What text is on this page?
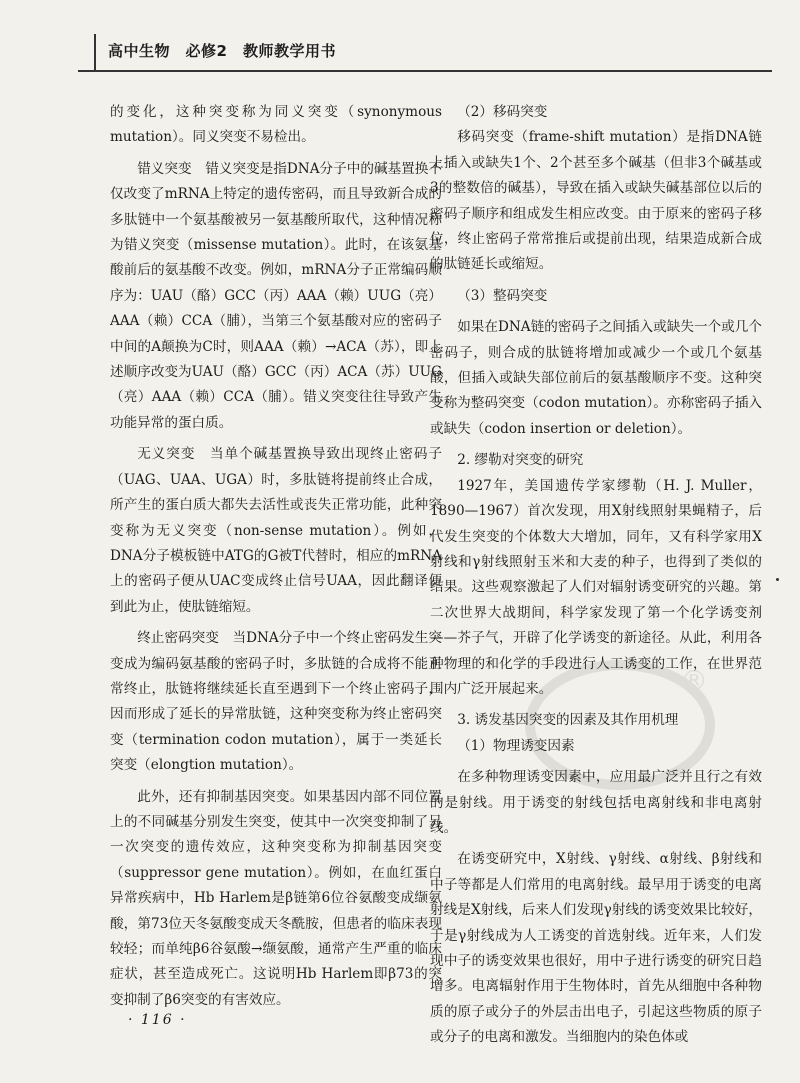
高中生物　必修2　教师教学用书

的变化，这种突变称为同义突变（synonymous mutation）。同义突变不易检出。

错义突变　错义突变是指DNA分子中的碱基置换不仅改变了mRNA上特定的遗传密码，而且导致新合成的多肽链中一个氨基酸被另一氨基酸所取代，这种情况称为错义突变（missense mutation）。此时，在该氨基酸前后的氨基酸不改变。例如，mRNA分子正常编码顺序为：UAU（酪）GCC（丙）AAA（赖）UUG（亮）AAA（赖）CCA（脯），当第三个氨基酸对应的密码子中间的A颠换为C时，则AAA（赖）→ACA（苏），即上述顺序改变为UAU（酪）GCC（丙）ACA（苏）UUG（亮）AAA（赖）CCA（脯）。错义突变往往导致产生功能异常的蛋白质。

无义突变　当单个碱基置换导致出现终止密码子（UAG、UAA、UGA）时，多肽链将提前终止合成，所产生的蛋白质大都失去活性或丧失正常功能，此种突变称为无义突变（non-sense mutation）。例如，DNA分子模板链中ATG的G被T代替时，相应的mRNA上的密码子便从UAC变成终止信号UAA，因此翻译便到此为止，使肽链缩短。

终止密码突变　当DNA分子中一个终止密码发生突变成为编码氨基酸的密码子时，多肽链的合成将不能正常终止，肽链将继续延长直至遇到下一个终止密码子，因而形成了延长的异常肽链，这种突变称为终止密码突变（termination codon mutation），属于一类延长突变（elongtion mutation）。

此外，还有抑制基因突变。如果基因内部不同位置上的不同碱基分别发生突变，使其中一次突变抑制了另一次突变的遗传效应，这种突变称为抑制基因突变（suppressor gene mutation）。例如，在血红蛋白异常疾病中，Hb Harlem是β链第6位谷氨酸变成缬氨酸，第73位天冬氨酸变成天冬酰胺，但患者的临床表现较轻；而单纯β6谷氨酸→缬氨酸，通常产生严重的临床症状，甚至造成死亡。这说明Hb Harlem即β73的突变抑制了β6突变的有害效应。

（2）移码突变

移码突变（frame-shift mutation）是指DNA链上插入或缺失1个、2个甚至多个碱基（但非3个碱基或3的整数倍的碱基），导致在插入或缺失碱基部位以后的密码子顺序和组成发生相应改变。由于原来的密码子移位，终止密码子常常推后或提前出现，结果造成新合成的肽链延长或缩短。

（3）整码突变

如果在DNA链的密码子之间插入或缺失一个或几个密码子，则合成的肽链将增加或减少一个或几个氨基酸，但插入或缺失部位前后的氨基酸顺序不变。这种突变称为整码突变（codon mutation）。亦称密码子插入或缺失（codon insertion or deletion）。

2. 缪勒对突变的研究

1927年，美国遗传学家缪勒（H. J. Muller，1890—1967）首次发现，用X射线照射果蝇精子，后代发生突变的个体数大大增加，同年，又有科学家用X射线和γ射线照射玉米和大麦的种子，也得到了类似的结果。这些观察激起了人们对辐射诱变研究的兴趣。第二次世界大战期间，科学家发现了第一个化学诱变剂——芥子气，开辟了化学诱变的新途径。从此，利用各种物理的和化学的手段进行人工诱变的工作，在世界范围内广泛开展起来。

3. 诱发基因突变的因素及其作用机理

（1）物理诱变因素

在多种物理诱变因素中，应用最广泛并且行之有效的是射线。用于诱变的射线包括电离射线和非电离射线。

在诱变研究中，X射线、γ射线、α射线、β射线和中子等都是人们常用的电离射线。最早用于诱变的电离射线是X射线，后来人们发现γ射线的诱变效果比较好，于是γ射线成为人工诱变的首选射线。近年来，人们发现中子的诱变效果也很好，用中子进行诱变的研究日趋增多。电离辐射作用于生物体时，首先从细胞中各种物质的原子或分子的外层击出电子，引起这些物质的原子或分子的电离和激发。当细胞内的染色体或

®
· 116 ·
